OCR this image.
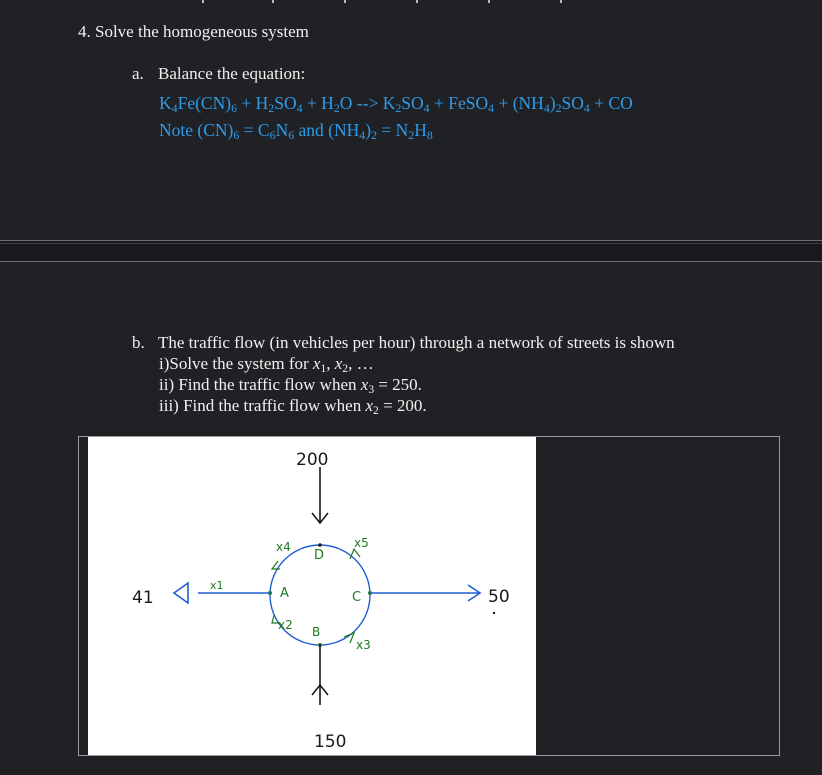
4. Solve the homogeneous system
a. Balance the equation:
$K_4Fe(CN)_6 + H_2SO_4 + H_2O$ --> $K_2SO_4$ + FeSO$_4$ + $(NH_4)_2SO_4$ + CO
Note $(CN)_6 = C_6N_6$ and $(NH_4)_2 = N_2H_8$
b. The traffic flow (in vehicles per hour) through a network of streets is shown
i)Solve the system for $x_1$, $x_2$, …
ii) Find the traffic flow when $x_3 = 250$.
iii) Find the traffic flow when $x_2 = 200$.
200
41	50
150
A
B
C
D
x4	x5
x2
x3
x1
